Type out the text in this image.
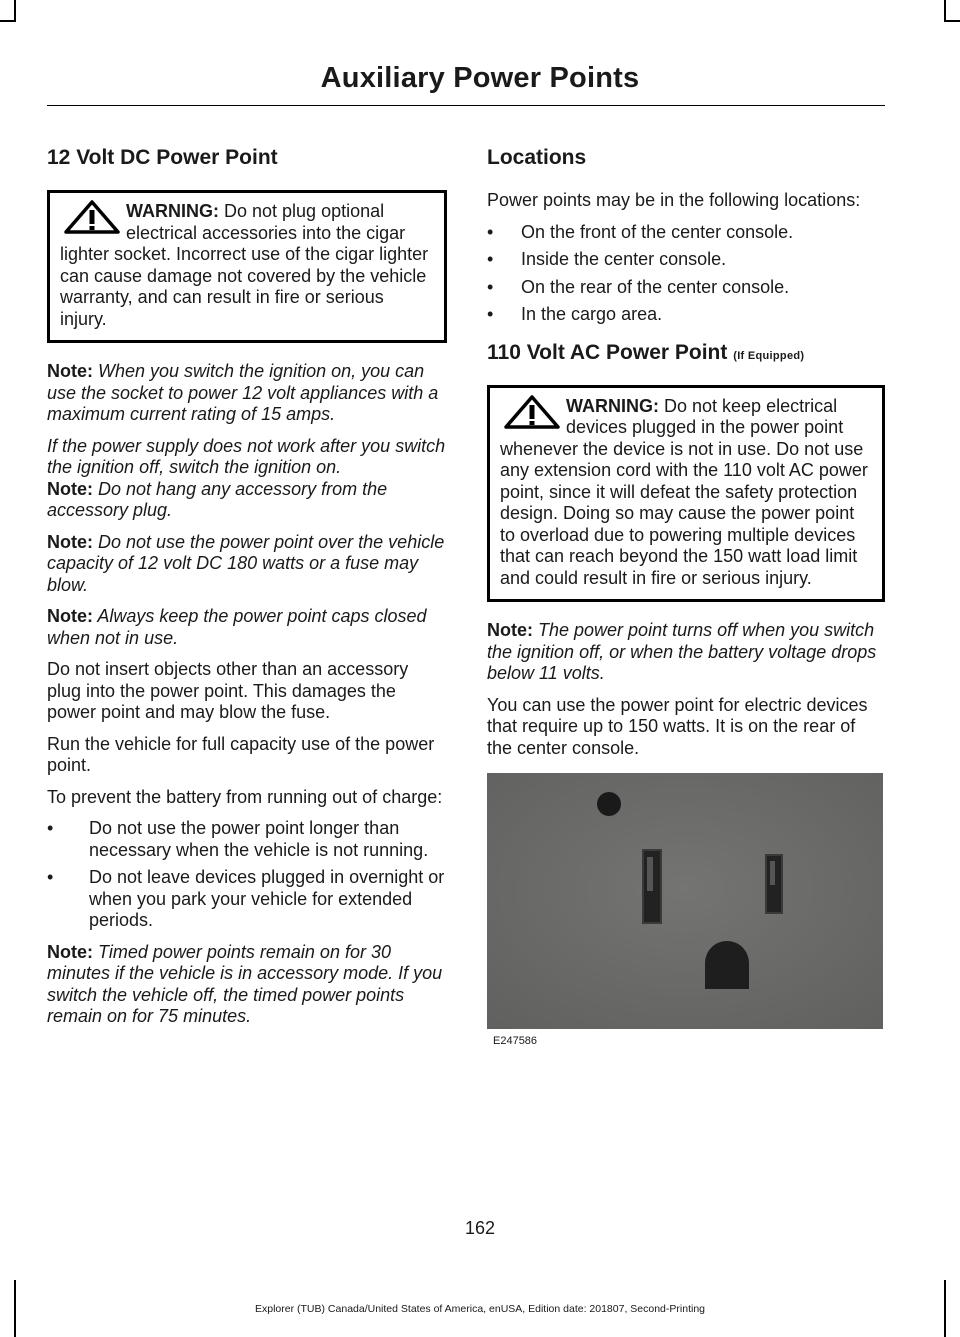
Auxiliary Power Points
12 Volt DC Power Point
WARNING: Do not plug optional electrical accessories into the cigar lighter socket. Incorrect use of the cigar lighter can cause damage not covered by the vehicle warranty, and can result in fire or serious injury.

Note: When you switch the ignition on, you can use the socket to power 12 volt appliances with a maximum current rating of 15 amps.

If the power supply does not work after you switch the ignition off, switch the ignition on.

Note: Do not hang any accessory from the accessory plug.

Note: Do not use the power point over the vehicle capacity of 12 volt DC 180 watts or a fuse may blow.

Note: Always keep the power point caps closed when not in use.

Do not insert objects other than an accessory plug into the power point. This damages the power point and may blow the fuse.

Run the vehicle for full capacity use of the power point.

To prevent the battery from running out of charge:

• Do not use the power point longer than necessary when the vehicle is not running.
• Do not leave devices plugged in overnight or when you park your vehicle for extended periods.

Note: Timed power points remain on for 30 minutes if the vehicle is in accessory mode. If you switch the vehicle off, the timed power points remain on for 75 minutes.

Locations

Power points may be in the following locations:

• On the front of the center console.
• Inside the center console.
• On the rear of the center console.
• In the cargo area.
110 Volt AC Power Point (If Equipped)
WARNING: Do not keep electrical devices plugged in the power point whenever the device is not in use. Do not use any extension cord with the 110 volt AC power point, since it will defeat the safety protection design. Doing so may cause the power point to overload due to powering multiple devices that can reach beyond the 150 watt load limit and could result in fire or serious injury.

Note: The power point turns off when you switch the ignition off, or when the battery voltage drops below 11 volts.

You can use the power point for electric devices that require up to 150 watts. It is on the rear of the center console.

E247586
162
Explorer (TUB) Canada/United States of America, enUSA, Edition date: 201807, Second-Printing
